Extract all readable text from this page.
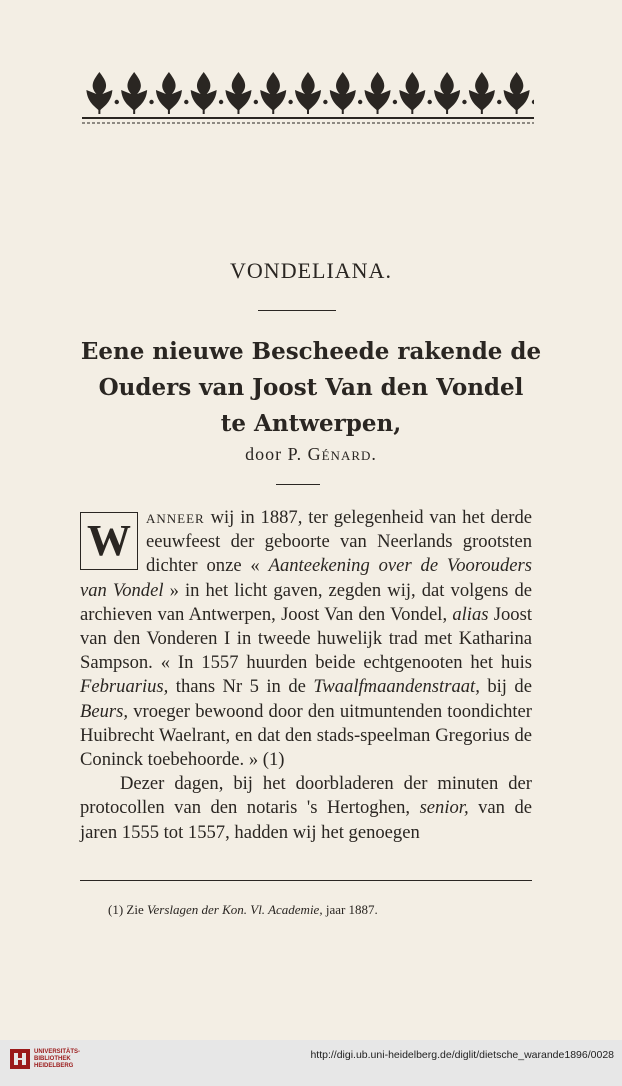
VONDELIANA.
Eene nieuwe Bescheede rakende de
Ouders van Joost Van den Vondel
te Antwerpen,
door P. Génard.

W anneer wij in 1887, ter gelegenheid van het derde eeuwfeest der geboorte van Neerlands grootsten dichter onze « Aanteekening over de Voorouders van Vondel » in het licht gaven, zegden wij, dat volgens de archieven van Antwerpen, Joost Van den Vondel, alias Joost van den Vonderen I in tweede huwelijk trad met Katharina Sampson. « In 1557 huurden beide echtgenooten het huis Februarius, thans Nr 5 in de Twaalfmaandenstraat, bij de Beurs, vroeger bewoond door den uitmuntenden toondichter Huibrecht Waelrant, en dat den stads-speelman Gregorius de Coninck toebehoorde. » (1)

Dezer dagen, bij het doorbladeren der minuten der protocollen van den notaris 's Hertoghen, senior, van de jaren 1555 tot 1557, hadden wij het genoegen

(1) Zie Verslagen der Kon. Vl. Academie, jaar 1887.
UNIVERSITÄTS-
BIBLIOTHEK
HEIDELBERG
http://digi.ub.uni-heidelberg.de/diglit/dietsche_warande1896/0028
